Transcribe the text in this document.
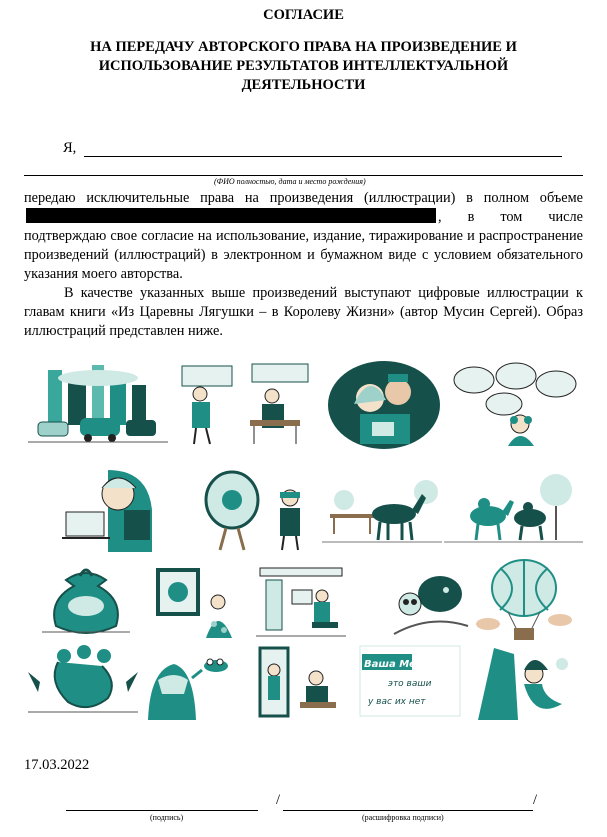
СОГЛАСИЕ
НА ПЕРЕДАЧУ АВТОРСКОГО ПРАВА НА ПРОИЗВЕДЕНИЕ И
ИСПОЛЬЗОВАНИЕ РЕЗУЛЬТАТОВ ИНТЕЛЛЕКТУАЛЬНОЙ
ДЕЯТЕЛЬНОСТИ
Я,
(ФИО полностью, дата и место рождения)

передаю исключительные права на произведения (иллюстрации) в полном объеме, в том числе подтверждаю свое согласие на использование, издание, тиражирование и распространение произведений (иллюстраций) в электронном и бумажном виде с условием обязательного указания моего авторства.

В качестве указанных выше произведений выступают цифровые иллюстрации к главам книги «Из Царевны Лягушки – в Королеву Жизни» (автор Мусин Сергей). Образ иллюстраций представлен ниже.

Ваша Мечта
это ваши
у вас их нет
17.03.2022
(подпись)
/	/
(расшифровка подписи)
